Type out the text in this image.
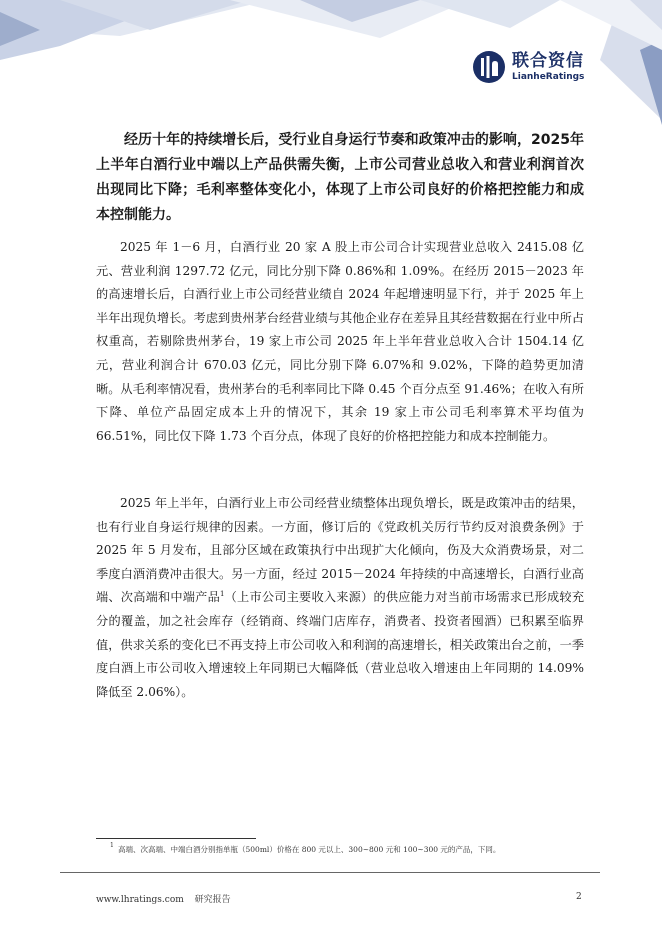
联合资信
LianheRatings

经历十年的持续增长后，受行业自身运行节奏和政策冲击的影响，2025年上半年白酒行业中端以上产品供需失衡，上市公司营业总收入和营业利润首次出现同比下降；毛利率整体变化小，体现了上市公司良好的价格把控能力和成本控制能力。

2025 年 1－6 月，白酒行业 20 家 A 股上市公司合计实现营业总收入 2415.08 亿元、营业利润 1297.72 亿元，同比分别下降 0.86%和 1.09%。在经历 2015－2023 年的高速增长后，白酒行业上市公司经营业绩自 2024 年起增速明显下行，并于 2025 年上半年出现负增长。考虑到贵州茅台经营业绩与其他企业存在差异且其经营数据在行业中所占权重高，若剔除贵州茅台，19 家上市公司 2025 年上半年营业总收入合计 1504.14 亿元，营业利润合计 670.03 亿元，同比分别下降 6.07%和 9.02%，下降的趋势更加清晰。从毛利率情况看，贵州茅台的毛利率同比下降 0.45 个百分点至 91.46%；在收入有所下降、单位产品固定成本上升的情况下，其余 19 家上市公司毛利率算术平均值为 66.51%，同比仅下降 1.73 个百分点，体现了良好的价格把控能力和成本控制能力。

2025 年上半年，白酒行业上市公司经营业绩整体出现负增长，既是政策冲击的结果，也有行业自身运行规律的因素。一方面，修订后的《党政机关厉行节约反对浪费条例》于 2025 年 5 月发布，且部分区域在政策执行中出现扩大化倾向，伤及大众消费场景，对二季度白酒消费冲击很大。另一方面，经过 2015－2024 年持续的中高速增长，白酒行业高端、次高端和中端产品$^1$（上市公司主要收入来源）的供应能力对当前市场需求已形成较充分的覆盖，加之社会库存（经销商、终端门店库存，消费者、投资者囤酒）已积累至临界值，供求关系的变化已不再支持上市公司收入和利润的高速增长，相关政策出台之前，一季度白酒上市公司收入增速较上年同期已大幅降低（营业总收入增速由上年同期的 14.09%降低至 2.06%）。

1 高端、次高端、中端白酒分别指单瓶（500ml）价格在 800 元以上、300~800 元和 100~300 元的产品，下同。
www.lhratings.com 研究报告	2
